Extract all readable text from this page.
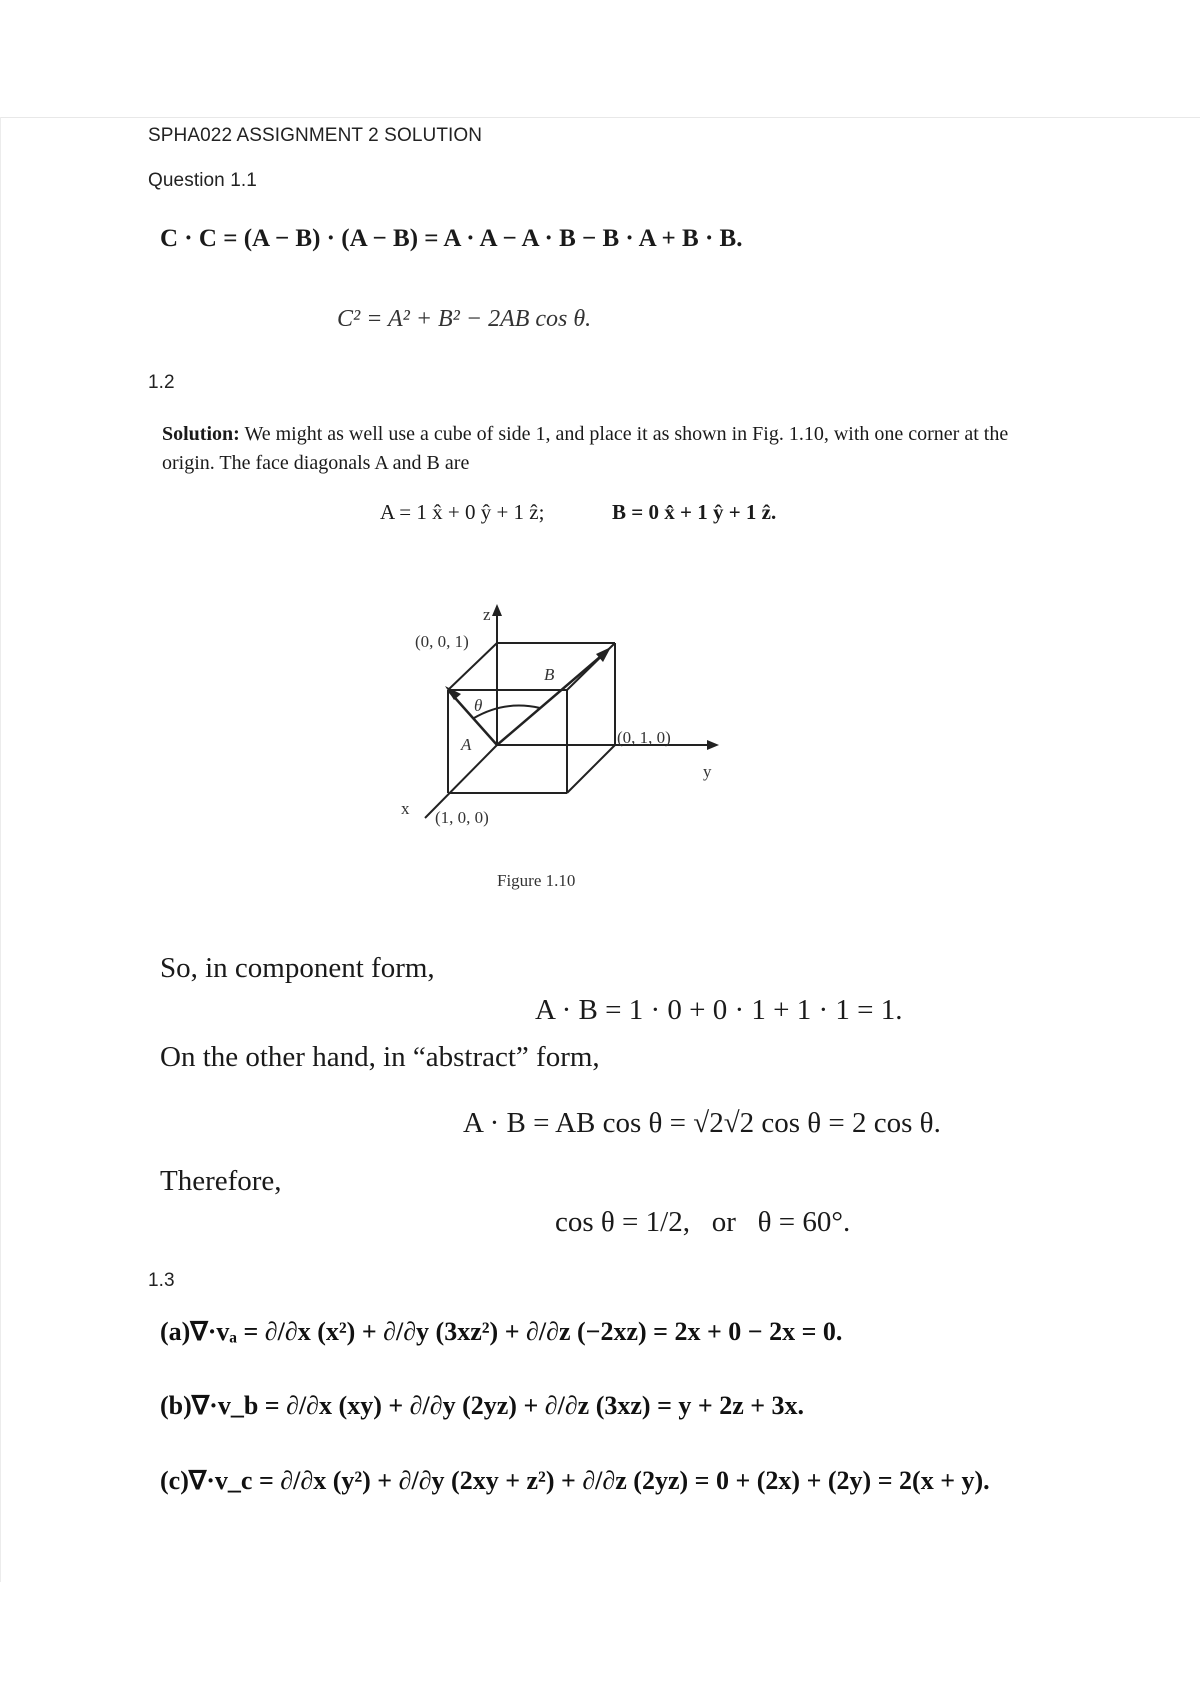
SPHA022 ASSIGNMENT 2 SOLUTION
Question 1.1
C · C = (A − B) · (A − B) = A · A − A · B − B · A + B · B.
C² = A² + B² − 2AB cos θ.
1.2
Solution: We might as well use a cube of side 1, and place it as shown in Fig. 1.10, with one corner at the origin. The face diagonals A and B are
A = 1 x̂ + 0 ŷ + 1 ẑ;	B = 0 x̂ + 1 ŷ + 1 ẑ.
z
y
x
(0, 0, 1)
(0, 1, 0)
(1, 0, 0)
A
B
θ
Figure 1.10
So, in component form,
A · B = 1 · 0 + 0 · 1 + 1 · 1 = 1.
On the other hand, in “abstract” form,
A · B = AB cos θ = √2√2 cos θ = 2 cos θ.
Therefore,
cos θ = 1/2,   or   θ = 60°.
1.3
(a)∇·vₐ = ∂/∂x (x²) + ∂/∂y (3xz²) + ∂/∂z (−2xz) = 2x + 0 − 2x = 0.
(b)∇·v_b = ∂/∂x (xy) + ∂/∂y (2yz) + ∂/∂z (3xz) = y + 2z + 3x.
(c)∇·v_c = ∂/∂x (y²) + ∂/∂y (2xy + z²) + ∂/∂z (2yz) = 0 + (2x) + (2y) = 2(x + y).
